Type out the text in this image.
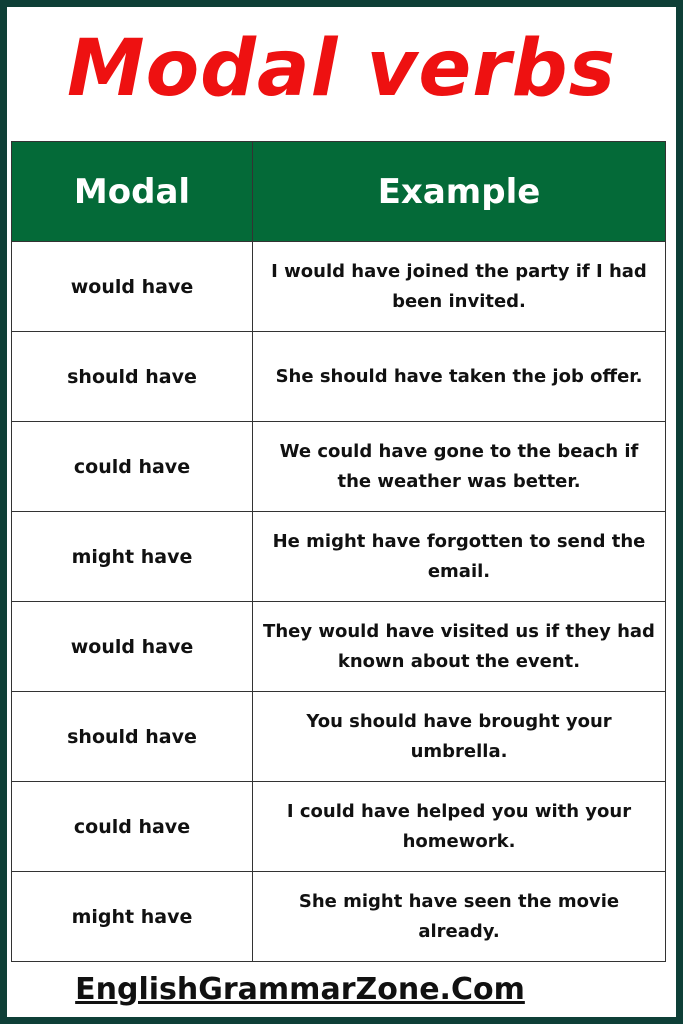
Modal verbs
Modal	Example
would have	I would have joined the party if I had been invited.
should have	She should have taken the job offer.
could have	We could have gone to the beach if the weather was better.
might have	He might have forgotten to send the email.
would have	They would have visited us if they had known about the event.
should have	You should have brought your umbrella.
could have	I could have helped you with your homework.
might have	She might have seen the movie already.
EnglishGrammarZone.Com
